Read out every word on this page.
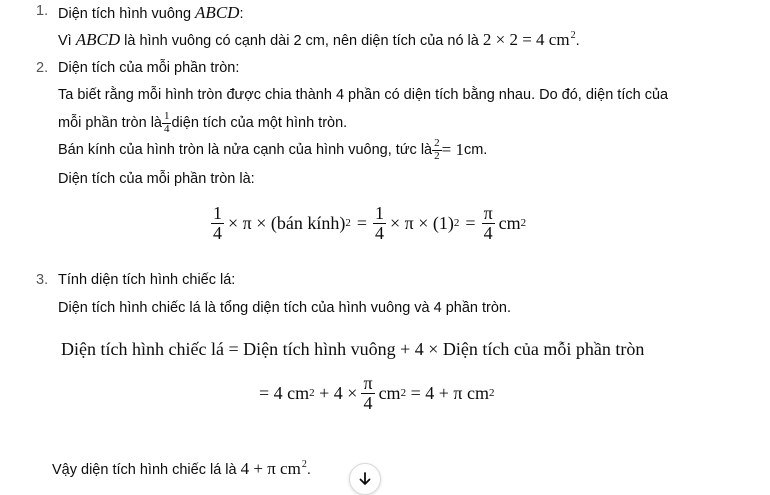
1. Diện tích hình vuông ABCD:
Vì ABCD là hình vuông có cạnh dài 2 cm, nên diện tích của nó là 2 × 2 = 4 $cm^2$.
2. Diện tích của mỗi phần tròn:
Ta biết rằng mỗi hình tròn được chia thành 4 phần có diện tích bằng nhau. Do đó, diện tích của
mỗi phần tròn là $\frac{1}{4}$ diện tích của một hình tròn.
Bán kính của hình tròn là nửa cạnh của hình vuông, tức là $\frac{2}{2} = 1$ cm.
Diện tích của mỗi phần tròn là:
$\frac{1}{4} \times \pi$ × (bán kính) $2 = \frac{1}{4} \times \pi \times (1) 2 = \frac{\pi}{4}$ cm 2
3. Tính diện tích hình chiếc lá:
Diện tích hình chiếc lá là tổng diện tích của hình vuông và 4 phần tròn.
Diện tích hình chiếc lá = Diện tích hình vuông + 4 × Diện tích của mỗi phần tròn
= 4 cm $2 + 4 \times \frac{\pi}{4}$ cm 2 = 4 + π cm 2
Vậy diện tích hình chiếc lá là 4 + π $cm^2$.
